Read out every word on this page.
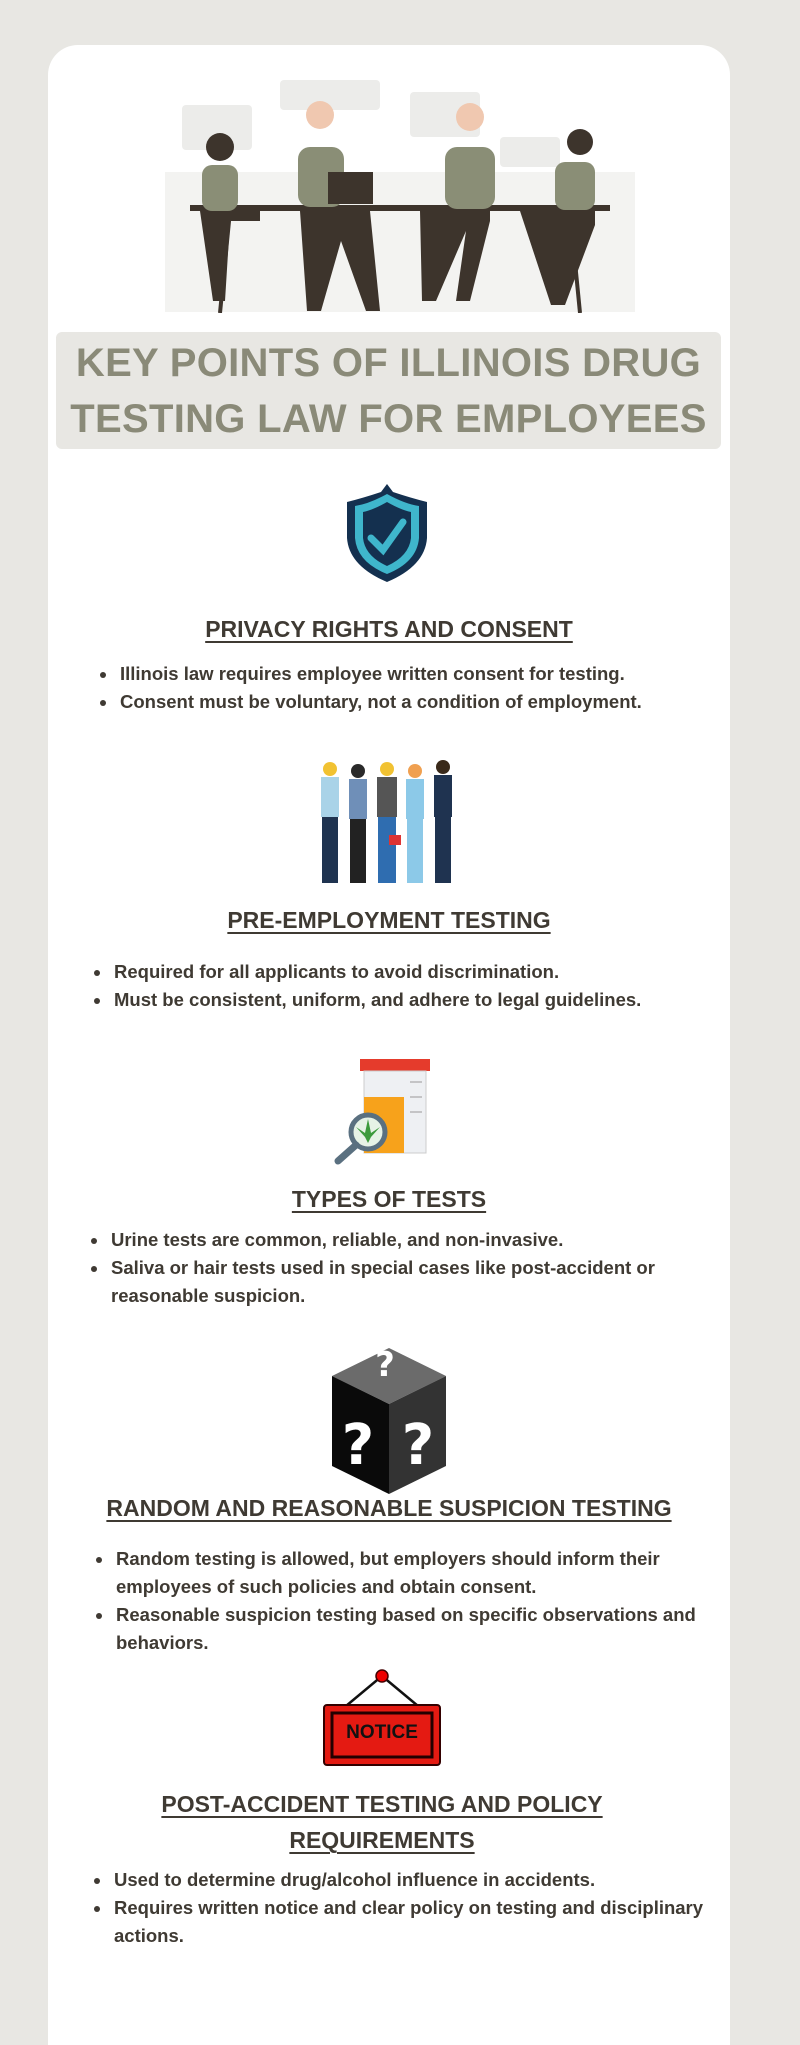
KEY POINTS OF ILLINOIS DRUG
TESTING LAW FOR EMPLOYEES
PRIVACY RIGHTS AND CONSENT
• Illinois law requires employee written consent for testing.
• Consent must be voluntary, not a condition of employment.
PRE-EMPLOYMENT TESTING
• Required for all applicants to avoid discrimination.
• Must be consistent, uniform, and adhere to legal guidelines.
TYPES OF TESTS
• Urine tests are common, reliable, and non-invasive.
• Saliva or hair tests used in special cases like post-accident or reasonable suspicion.
?
? ?
RANDOM AND REASONABLE SUSPICION TESTING
• Random testing is allowed, but employers should inform their employees of such policies and obtain consent.
• Reasonable suspicion testing based on specific observations and behaviors.
NOTICE
POST-ACCIDENT TESTING AND POLICY
REQUIREMENTS
• Used to determine drug/alcohol influence in accidents.
• Requires written notice and clear policy on testing and disciplinary actions.
